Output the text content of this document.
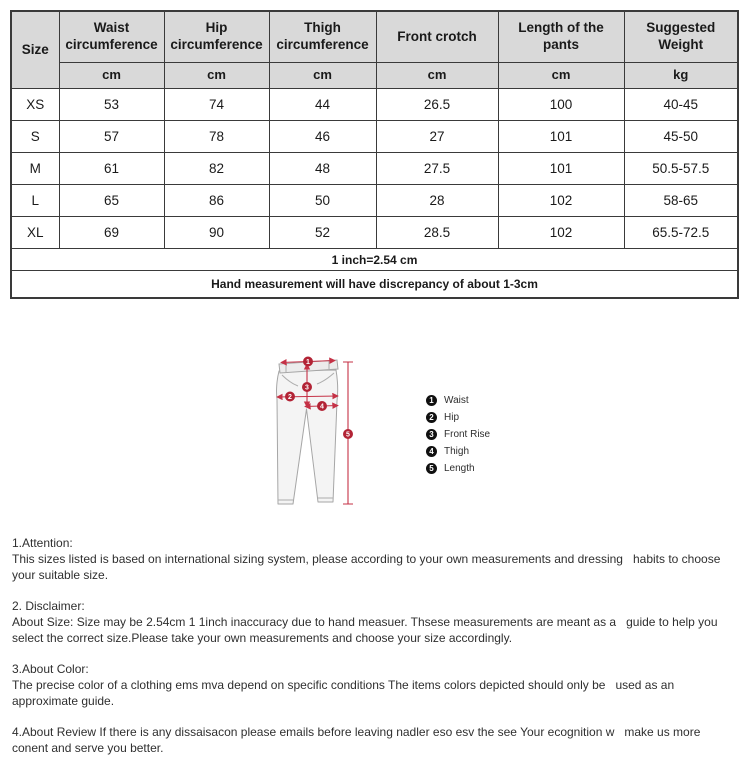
Size	Waist circumference	Hip circumference	Thigh circumference	Front crotch	Length of the pants	Suggested Weight
	cm	cm	cm	cm	cm	kg
XS	53	74	44	26.5	100	40-45
S	57	78	46	27	101	45-50
M	61	82	48	27.5	101	50.5-57.5
L	65	86	50	28	102	58-65
XL	69	90	52	28.5	102	65.5-72.5
1 inch=2.54 cm						
Hand measurement will have discrepancy of about 1-3cm						
1
2
3
4
5
1	Waist
2	Hip
3	Front Rise
4	Thigh
5	Length
1.Attention:
This sizes listed is based on international sizing system, please according to your own measurements and dressing   habits to choose your suitable size.
2. Disclaimer:
About Size: Size may be 2.54cm 1 1inch inaccuracy due to hand measuer. Thsese measurements are meant as a   guide to help you select the correct size.Please take your own measurements and choose your size accordingly.
3.About Color:
The precise color of a clothing ems mva depend on specific conditions The items colors depicted should only be   used as an approximate guide.
4.About Review If there is any dissaisacon please emails before leaving nadler eso esv the see Your ecognition w   make us more conent and serve you better.
